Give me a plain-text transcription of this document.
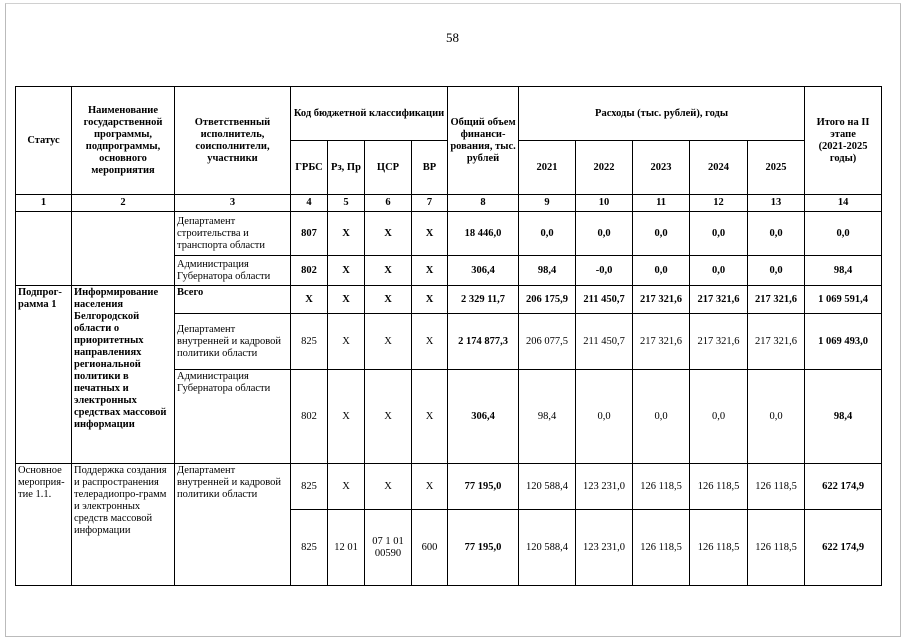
58
Статус	Наименование государственной программы, подпрограммы, основного мероприятия	Ответственный исполнитель, соисполнители, участники	Код бюджетной классификации				Общий объем финанси-рования, тыс. рублей	Расходы (тыс. рублей), годы					Итого на II этапе
(2021-2025 годы)

			ГРБС	Рз, Пр	ЦСР	ВР		2021	2022	2023	2024	2025	
1	2	3	4	5	6	7	8	9	10	11	12	13	14
		Департамент строительства и транспорта области	807	Х	Х	Х	18 446,0	0,0	0,0	0,0	0,0	0,0	0,0
		Администрация Губернатора области	802	Х	Х	Х	306,4	98,4	-0,0	0,0	0,0	0,0	98,4
Подпрог-рамма 1	Информирование населения Белгородской области о приоритетных направлениях региональной политики в печатных и электронных средствах массовой информации	Всего	Х	Х	Х	Х	2 329 11,7	206 175,9	211 450,7	217 321,6	217 321,6	217 321,6	1 069 591,4
		Департамент внутренней и кадровой политики области	825	Х	Х	Х	2 174 877,3	206 077,5	211 450,7	217 321,6	217 321,6	217 321,6	1 069 493,0
		Администрация Губернатора области	802	Х	Х	Х	306,4	98,4	0,0	0,0	0,0	0,0	98,4
Основное мероприя-тие 1.1.	Поддержка создания и распространения телерадиопро-грамм и электронных средств массовой информации	Департамент внутренней и кадровой политики области	825	Х	Х	Х	77 195,0	120 588,4	123 231,0	126 118,5	126 118,5	126 118,5	622 174,9
			825	12 01	07 1 01 00590	600	77 195,0	120 588,4	123 231,0	126 118,5	126 118,5	126 118,5	622 174,9
